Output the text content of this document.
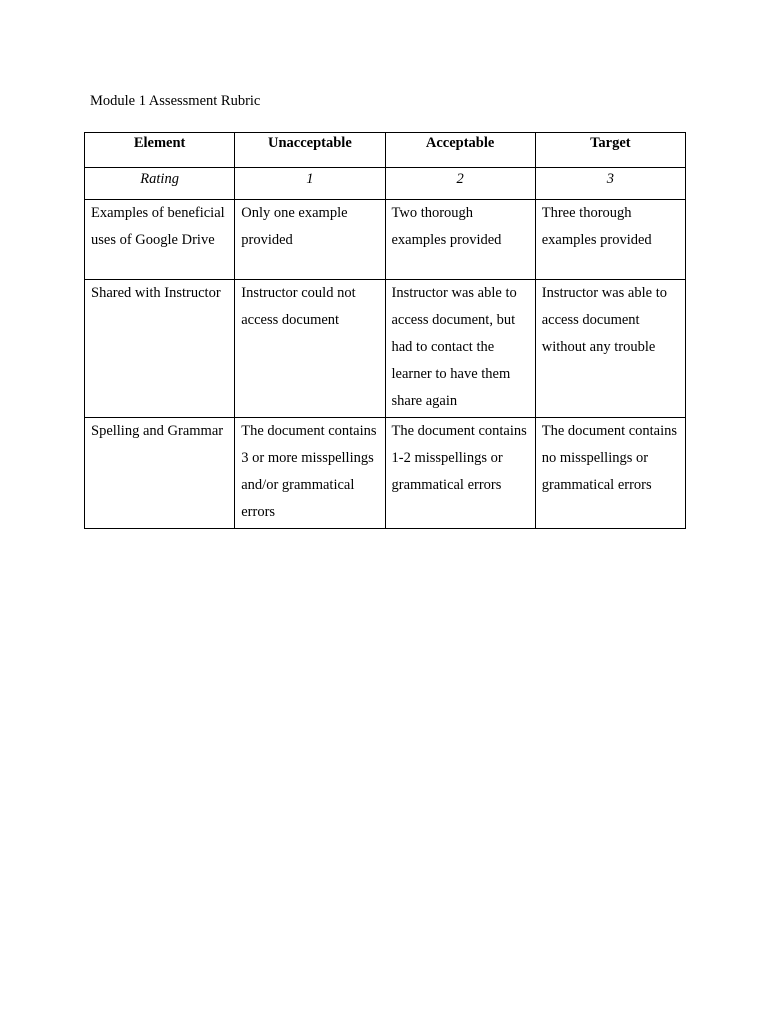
Module 1 Assessment Rubric
Element	Unacceptable	Acceptable	Target
Rating	1	2	3

Examples of beneficial uses of Google Drive	Only one example provided	Two thorough examples provided	Three thorough examples provided

Shared with Instructor	Instructor could not access document	Instructor was able to access document, but had to contact the learner to have them share again	Instructor was able to access document without any trouble

Spelling and Grammar	The document contains 3 or more misspellings and/or grammatical errors	The document contains 1-2 misspellings or grammatical errors	The document contains no misspellings or grammatical errors
